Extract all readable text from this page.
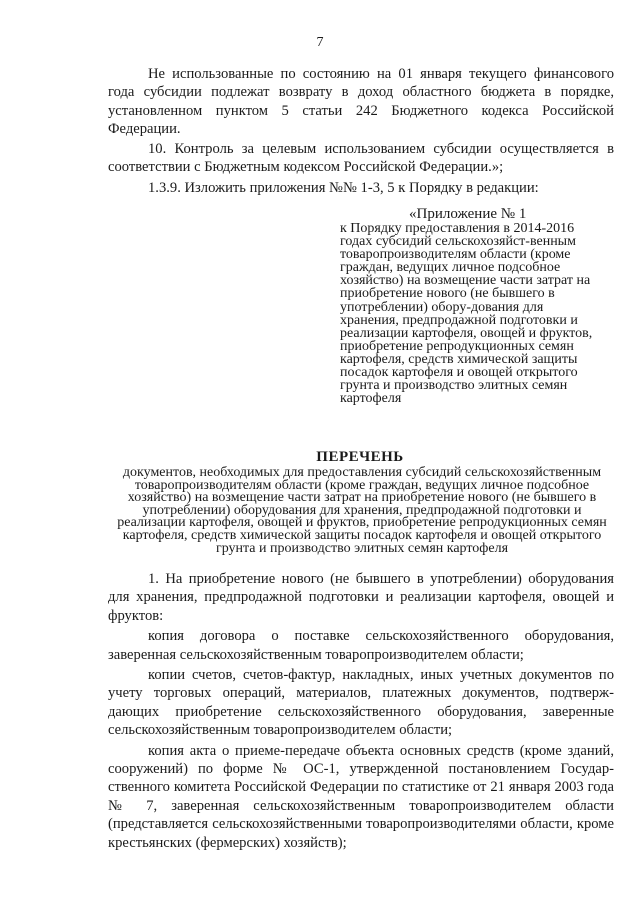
7

Не использованные по состоянию на 01 января текущего финансового года субсидии подлежат возврату в доход областного бюджета в порядке, установленном пунктом 5 статьи 242 Бюджетного кодекса Российской Федерации.

10. Контроль за целевым использованием субсидии осуществляется в соответствии с Бюджетным кодексом Российской Федерации.»;

1.3.9. Изложить приложения №№ 1-3, 5 к Порядку в редакции:

«Приложение № 1

к Порядку предоставления в 2014-2016 годах субсидий сельскохозяйст-венным товаропроизводителям области (кроме граждан, ведущих личное подсобное хозяйство) на возмещение части затрат на приобретение нового (не бывшего в употреблении) обору-дования для хранения, предпродажной подготовки и реализации картофеля, овощей и фруктов, приобретение репродукционных семян картофеля, средств химической защиты посадок картофеля и овощей открытого грунта и производство элитных семян картофеля

ПЕРЕЧЕНЬ

документов, необходимых для предоставления субсидий сельскохозяйственным товаропроизводителям области (кроме граждан, ведущих личное подсобное хозяйство) на возмещение части затрат на приобретение нового (не бывшего в употреблении) оборудования для хранения, предпродажной подготовки и реализации картофеля, овощей и фруктов, приобретение репродукционных семян картофеля, средств химической защиты посадок картофеля и овощей открытого грунта и производство элитных семян картофеля

1. На приобретение нового (не бывшего в употреблении) оборудования для хранения, предпродажной подготовки и реализации картофеля, овощей и фруктов:

копия договора о поставке сельскохозяйственного оборудования, заверенная сельскохозяйственным товаропроизводителем области;

копии счетов, счетов-фактур, накладных, иных учетных документов по учету торговых операций, материалов, платежных документов, подтверж-дающих приобретение сельскохозяйственного оборудования, заверенные сельскохозяйственным товаропроизводителем области;

копия акта о приеме-передаче объекта основных средств (кроме зданий, сооружений) по форме № ОС-1, утвержденной постановлением Государ-ственного комитета Российской Федерации по статистике от 21 января 2003 года № 7, заверенная сельскохозяйственным товаропроизводителем области (представляется сельскохозяйственными товаропроизводителями области, кроме крестьянских (фермерских) хозяйств);
